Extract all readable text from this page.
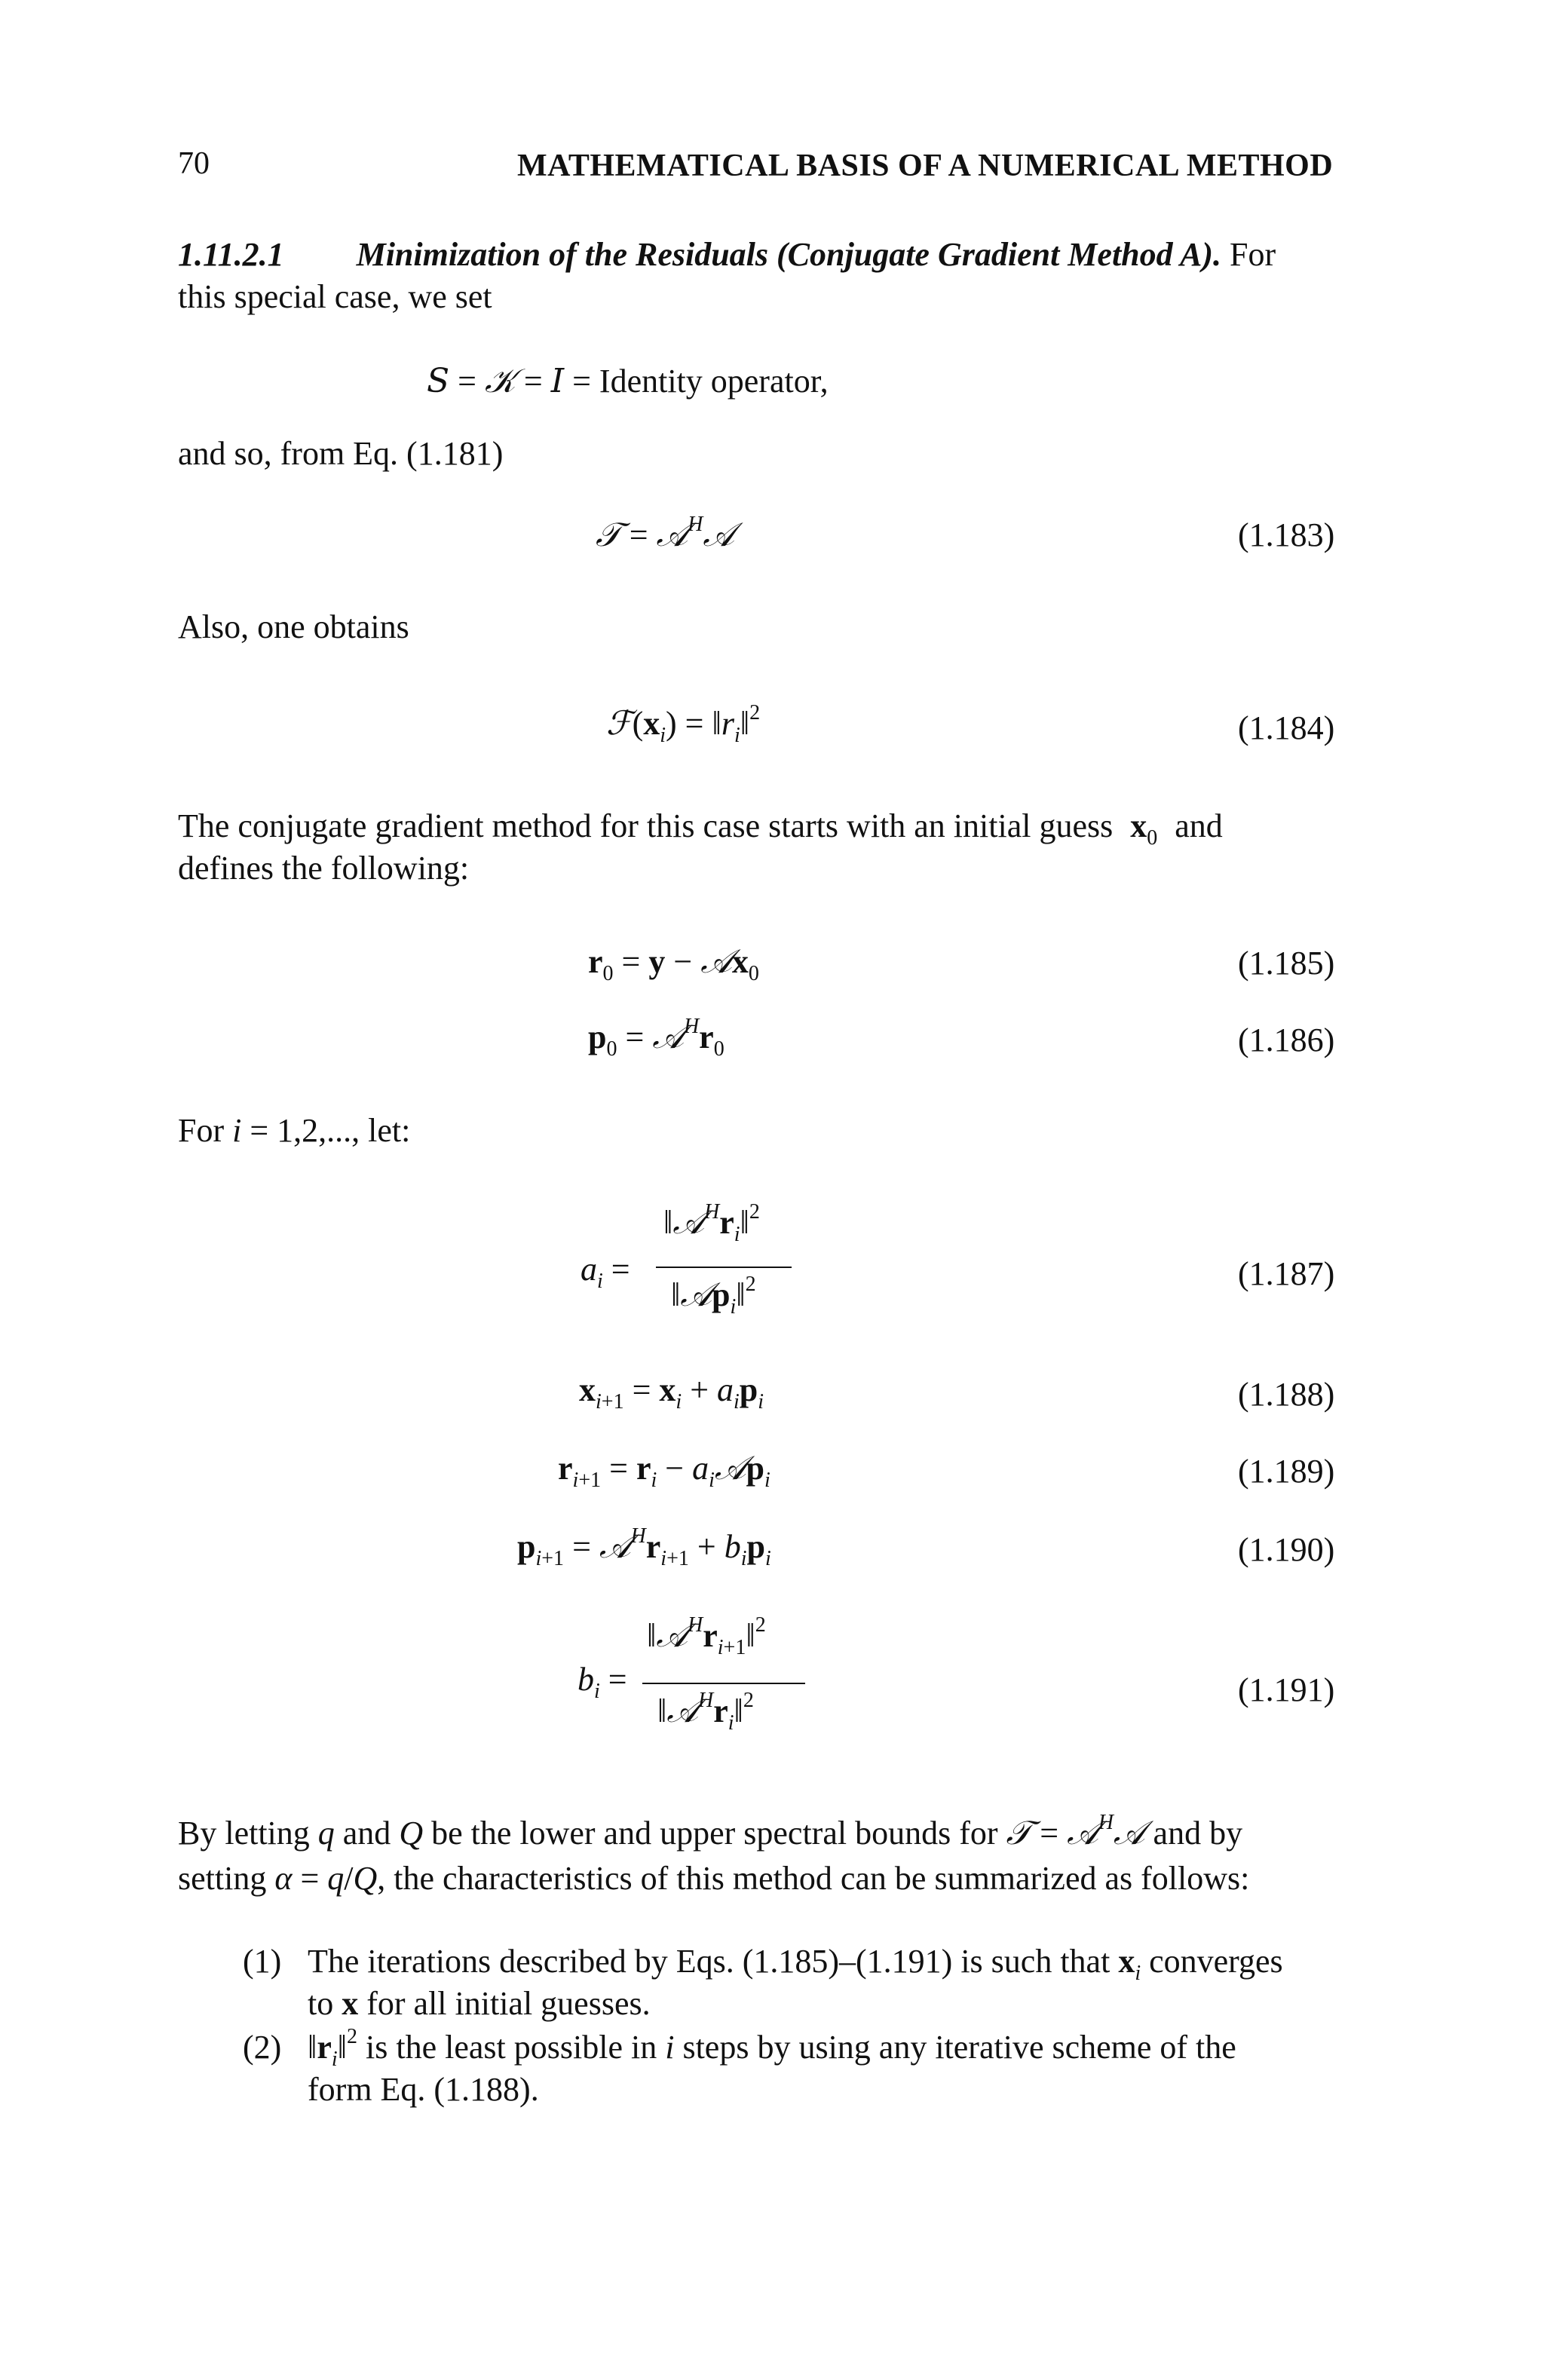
70	MATHEMATICAL BASIS OF A NUMERICAL METHOD
1.11.2.1 Minimization of the Residuals (Conjugate Gradient Method A). For
this special case, we set
S = 𝒦 = I = Identity operator,
and so, from Eq. (1.181)
𝒯 = 𝒜$^H$𝒜	(1.183)
Also, one obtains
$ℱ(x_i)$ = $‖r_i‖^2$	(1.184)
The conjugate gradient method for this case starts with an initial guess $x_0$ and
defines the following:
$r_0 = y$ − 𝒜x$_0$	(1.185)
$p_0$ = $𝒜^Hr_0$	(1.186)
For i = 1,2,..., let:
$a_i$ =
$‖𝒜^Hr_i‖^2$
‖𝒜p$_i$‖$^2$	(1.187)
$x_{i+1} = x_i + a_ip_i$	(1.188)
$r_{i+1} = r_i$ − $a_i𝒜p_i$	(1.189)
$p_{i+1}$ = $𝒜^Hr_{i+1} + b_ip_i$	(1.190)
$b_i$ =
$‖𝒜^Hr_{i+1}‖^2$
$‖𝒜^Hr_i‖^2$	(1.191)
By letting q and Q be the lower and upper spectral bounds for 𝒯 = 𝒜$^H$𝒜 and by
setting α = q/Q, the characteristics of this method can be summarized as follows:
(1) The iterations described by Eqs. (1.185)–(1.191) is such that $x_i$ converges
to x for all initial guesses.
(2) $‖r_i‖^2$ is the least possible in i steps by using any iterative scheme of the
form Eq. (1.188).
